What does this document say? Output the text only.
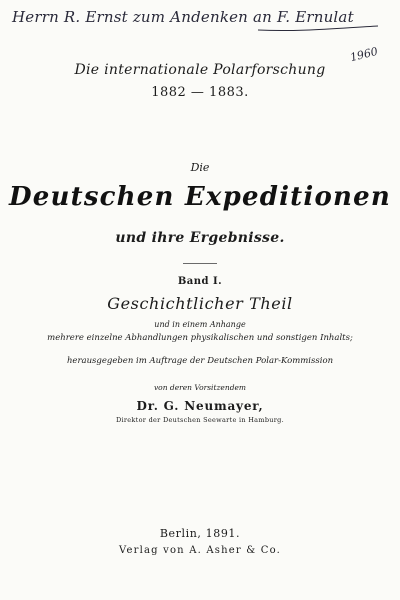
Herrn R. Ernst zum Andenken an F. Ernulat
1960
Die internationale Polarforschung
1882 — 1883.
Die
Deutschen Expeditionen
und ihre Ergebnisse.
Band I.
Geschichtlicher Theil
und in einem Anhange
mehrere einzelne Abhandlungen physikalischen und sonstigen Inhalts;
herausgegeben im Auftrage der Deutschen Polar-Kommission
von deren Vorsitzendem
Dr. G. Neumayer,
Direktor der Deutschen Seewarte in Hamburg.
Berlin, 1891.
Verlag von A. Asher & Co.
